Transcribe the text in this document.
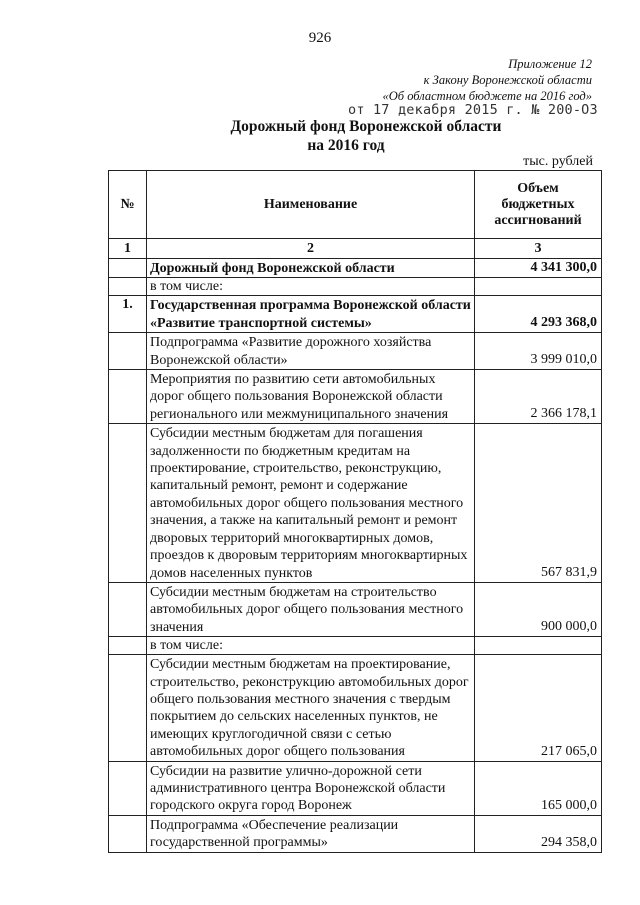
926
Приложение 12
к Закону Воронежской области
«Об областном бюджете на 2016 год»
от 17 декабря 2015 г. № 200-ОЗ
Дорожный фонд Воронежской области
на 2016 год
тыс. рублей
№	Наименование	Объем бюджетных ассигнований
1	2	3
	Дорожный фонд Воронежской области	4 341 300,0
	в том числе:	
1.	Государственная программа Воронежской области «Развитие транспортной системы»	4 293 368,0
	Подпрограмма «Развитие дорожного хозяйства Воронежской области»	3 999 010,0
	Мероприятия по развитию сети автомобильных дорог общего пользования Воронежской области регионального или межмуниципального значения	2 366 178,1
	Субсидии местным бюджетам для погашения задолженности по бюджетным кредитам на проектирование, строительство, реконструкцию, капитальный ремонт, ремонт и содержание автомобильных дорог общего пользования местного значения, а также на капитальный ремонт и ремонт дворовых территорий многоквартирных домов, проездов к дворовым территориям многоквартирных домов населенных пунктов	567 831,9
	Субсидии местным бюджетам на строительство автомобильных дорог общего пользования местного значения	900 000,0
	в том числе:	
	Субсидии местным бюджетам на проектирование, строительство, реконструкцию автомобильных дорог общего пользования местного значения с твердым покрытием до сельских населенных пунктов, не имеющих круглогодичной связи с сетью автомобильных дорог общего пользования	217 065,0
	Субсидии на развитие улично-дорожной сети административного центра Воронежской области городского округа город Воронеж	165 000,0
	Подпрограмма «Обеспечение реализации государственной программы»	294 358,0
